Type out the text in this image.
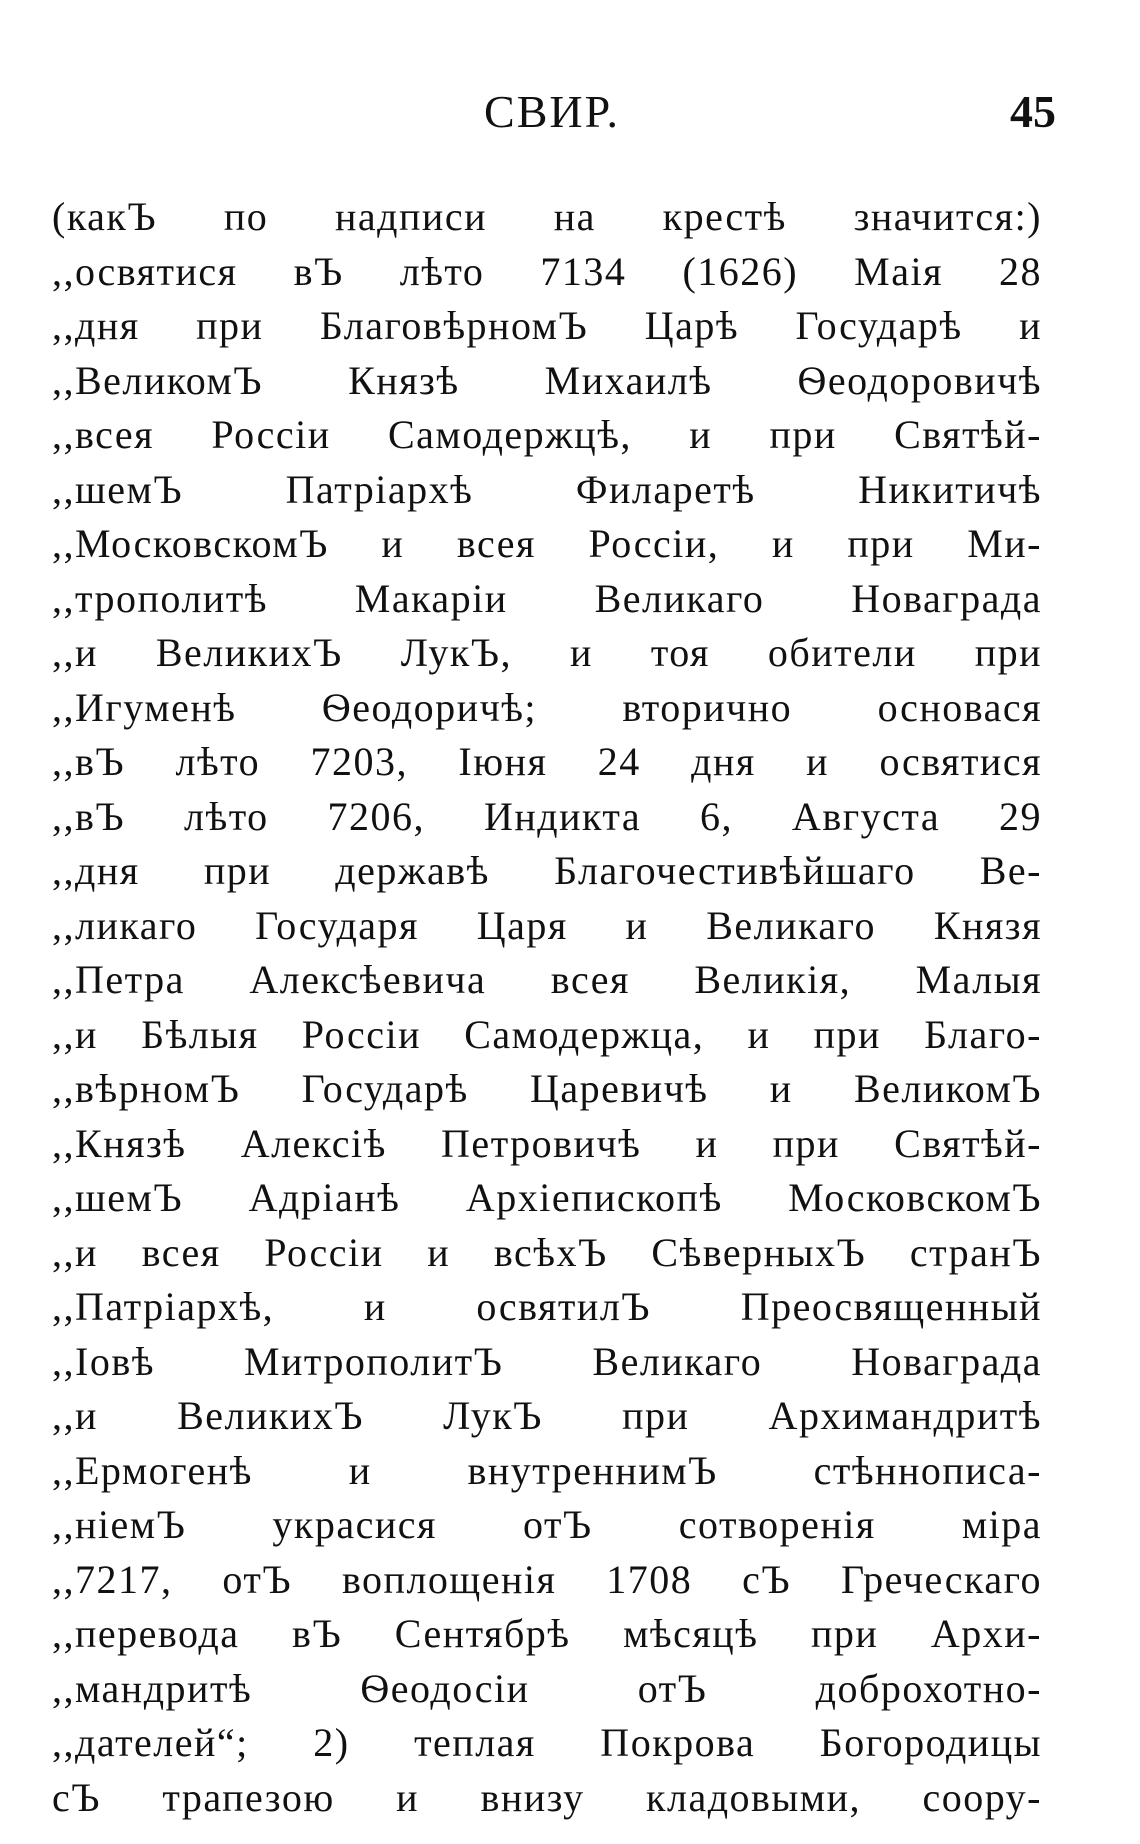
СВИР.	45
(какЪ по надписи на крестѣ значится:)
,,освятися вЪ лѣто 7134 (1626) Маія 28
,,дня при БлаговѣрномЪ Царѣ Государѣ и
,,ВеликомЪ Князѣ Михаилѣ Ѳеодоровичѣ
,,всея Россіи Самодержцѣ, и при Святѣй-
,,шемЪ Патріархѣ Филаретѣ Никитичѣ
,,МосковскомЪ и всея Россіи, и при Ми-
,,трополитѣ Макаріи Великаго Новаграда
,,и ВеликихЪ ЛукЪ, и тоя обители при
,,Игуменѣ Ѳеодоричѣ; вторично основася
,,вЪ лѣто 7203, Іюня 24 дня и освятися
,,вЪ лѣто 7206, Индикта 6, Августа 29
,,дня при державѣ Благочестивѣйшаго Ве-
,,ликаго Государя Царя и Великаго Князя
,,Петра Алексѣевича всея Великія, Малыя
,,и Бѣлыя Россіи Самодержца, и при Благо-
,,вѣрномЪ Государѣ Царевичѣ и ВеликомЪ
,,Князѣ Алексіѣ Петровичѣ и при Святѣй-
,,шемЪ Адріанѣ Архіепископѣ МосковскомЪ
,,и всея Россіи и всѣхЪ СѣверныхЪ странЪ
,,Патріархѣ, и освятилЪ Преосвященный
,,Іовѣ МитрополитЪ Великаго Новаграда
,,и ВеликихЪ ЛукЪ при Архимандритѣ
,,Ермогенѣ и внутреннимЪ стѣннописа-
,,ніемЪ украсися отЪ сотворенія міра
,,7217, отЪ воплощенія 1708 сЪ Греческаго
,,перевода вЪ Сентябрѣ мѣсяцѣ при Архи-
,,мандритѣ Ѳеодосіи отЪ доброхотно-
,,дателей“; 2) теплая Покрова Богородицы
сЪ трапезою и внизу кладовыми, соору-
